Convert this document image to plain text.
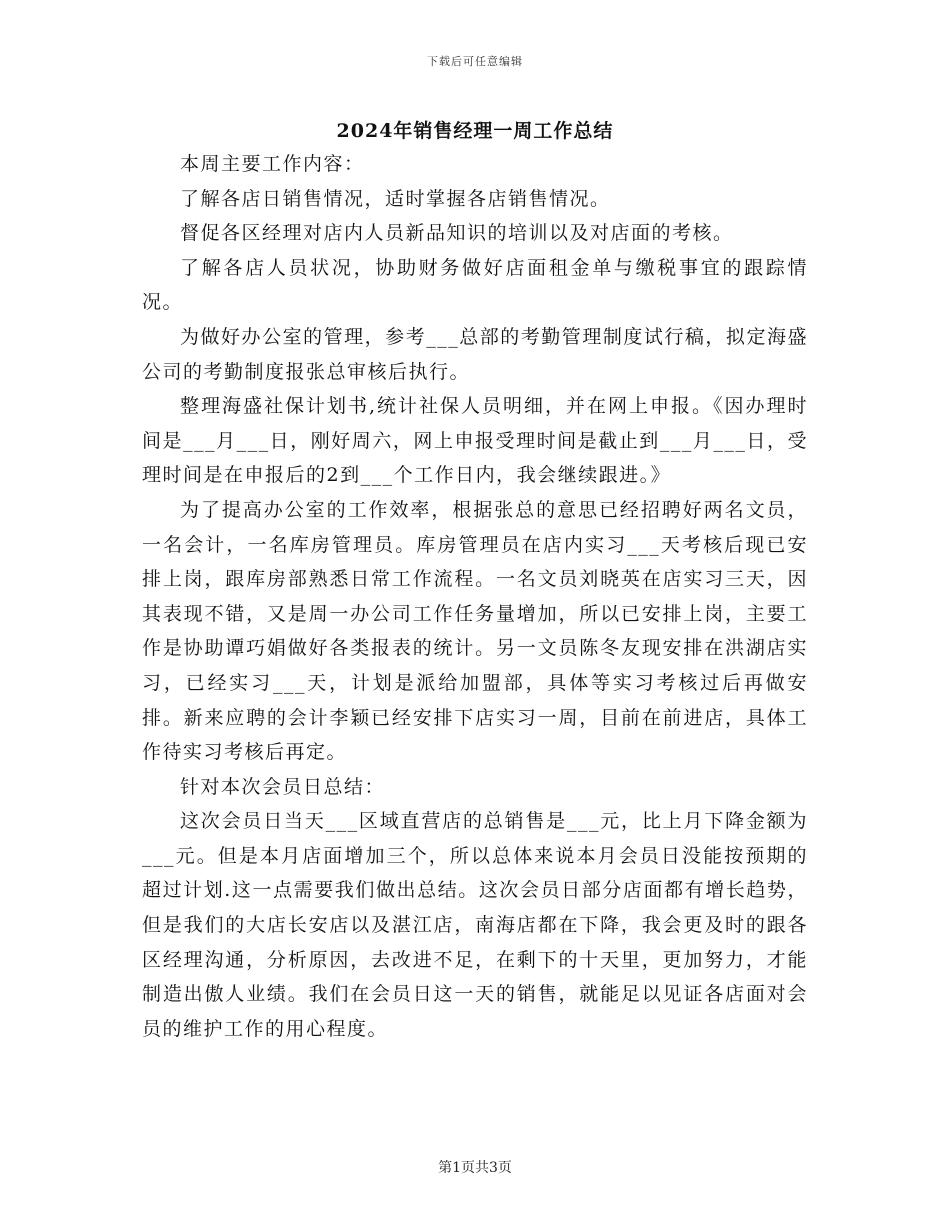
下载后可任意编辑
2024年销售经理一周工作总结

本周主要工作内容：

了解各店日销售情况，适时掌握各店销售情况。

督促各区经理对店内人员新品知识的培训以及对店面的考核。

了解各店人员状况，协助财务做好店面租金单与缴税事宜的跟踪情况。

为做好办公室的管理，参考___总部的考勤管理制度试行稿，拟定海盛公司的考勤制度报张总审核后执行。

整理海盛社保计划书,统计社保人员明细，并在网上申报。《因办理时间是___月___日，刚好周六，网上申报受理时间是截止到___月___日，受理时间是在申报后的2到___个工作日内，我会继续跟进。》

为了提高办公室的工作效率，根据张总的意思已经招聘好两名文员，一名会计，一名库房管理员。库房管理员在店内实习___天考核后现已安排上岗，跟库房部熟悉日常工作流程。一名文员刘晓英在店实习三天，因其表现不错，又是周一办公司工作任务量增加，所以已安排上岗，主要工作是协助谭巧娟做好各类报表的统计。另一文员陈冬友现安排在洪湖店实习，已经实习___天，计划是派给加盟部，具体等实习考核过后再做安排。新来应聘的会计李颖已经安排下店实习一周，目前在前进店，具体工作待实习考核后再定。

针对本次会员日总结：

这次会员日当天___区域直营店的总销售是___元，比上月下降金额为___元。但是本月店面增加三个，所以总体来说本月会员日没能按预期的超过计划.这一点需要我们做出总结。这次会员日部分店面都有增长趋势，但是我们的大店长安店以及湛江店，南海店都在下降，我会更及时的跟各区经理沟通，分析原因，去改进不足，在剩下的十天里，更加努力，才能制造出傲人业绩。我们在会员日这一天的销售，就能足以见证各店面对会员的维护工作的用心程度。

第1页共3页
